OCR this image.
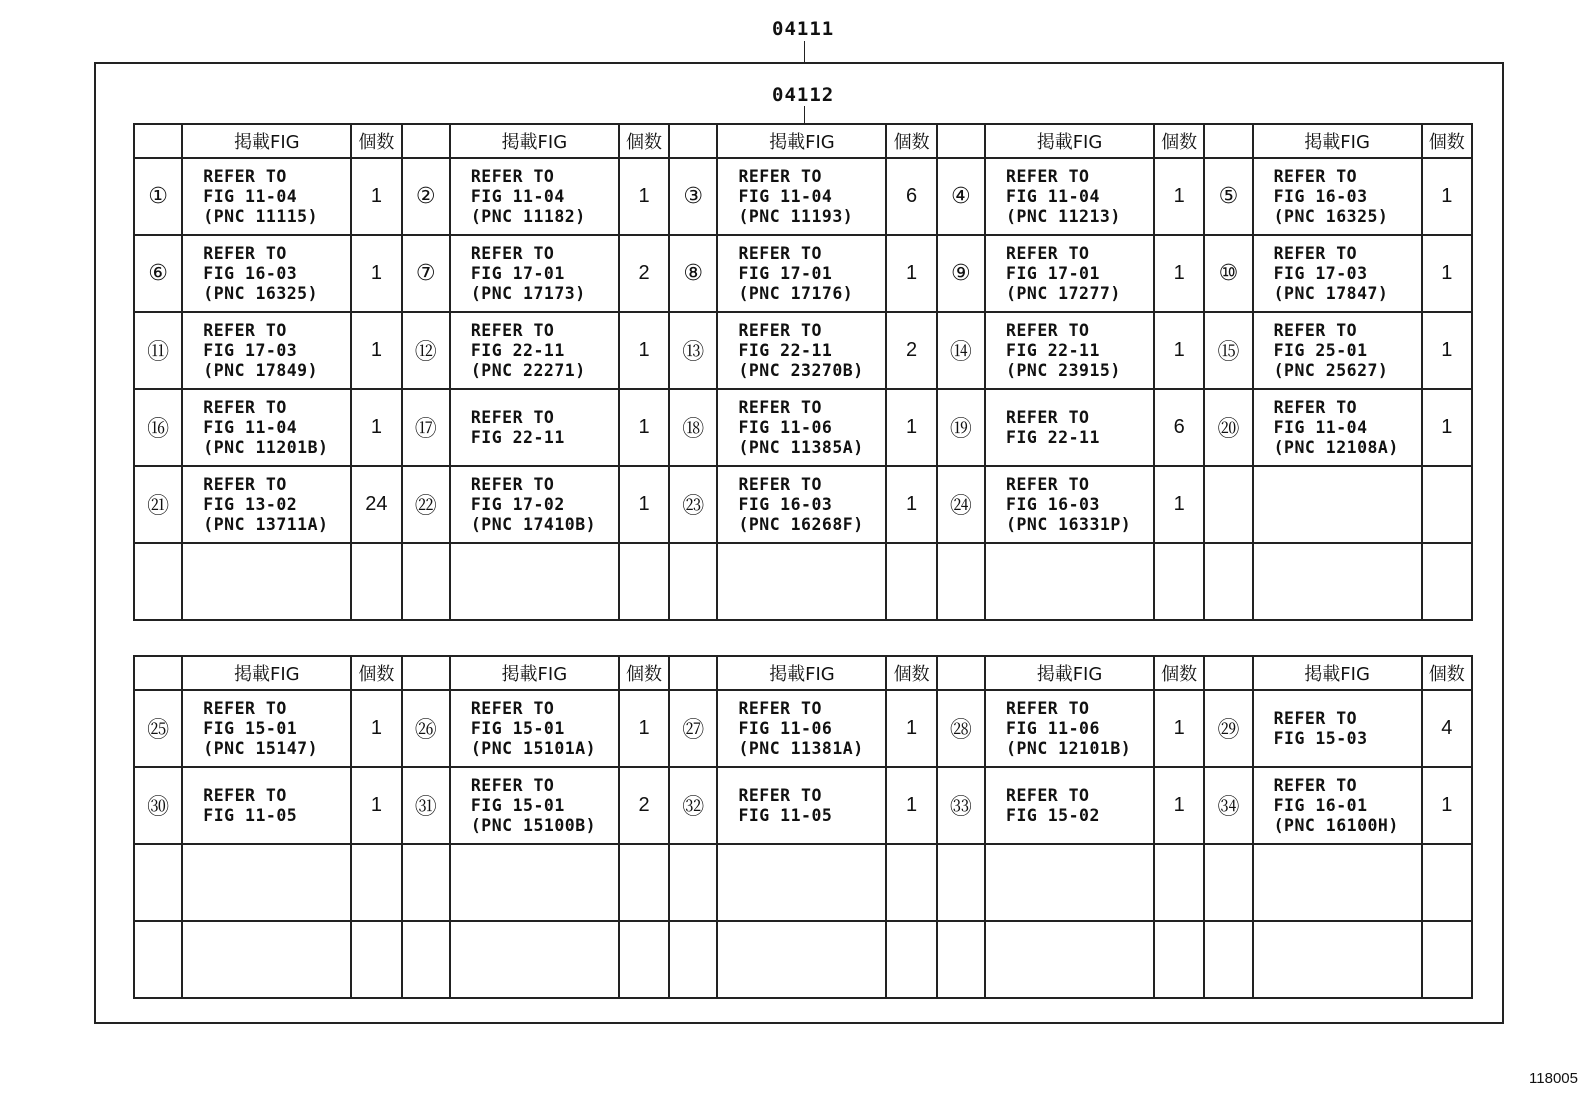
04111
04112
	掲載FIG	個数		掲載FIG	個数		掲載FIG	個数		掲載FIG	個数		掲載FIG	個数
①	REFER TO
FIG 11-04
(PNC 11115)	1	②	REFER TO
FIG 11-04
(PNC 11182)	1	③	REFER TO
FIG 11-04
(PNC 11193)	6	④	REFER TO
FIG 11-04
(PNC 11213)	1	⑤	REFER TO
FIG 16-03
(PNC 16325)	1
⑥	REFER TO
FIG 16-03
(PNC 16325)	1	⑦	REFER TO
FIG 17-01
(PNC 17173)	2	⑧	REFER TO
FIG 17-01
(PNC 17176)	1	⑨	REFER TO
FIG 17-01
(PNC 17277)	1	⑩	REFER TO
FIG 17-03
(PNC 17847)	1
⑪	REFER TO
FIG 17-03
(PNC 17849)	1	⑫	REFER TO
FIG 22-11
(PNC 22271)	1	⑬	REFER TO
FIG 22-11
(PNC 23270B)	2	⑭	REFER TO
FIG 22-11
(PNC 23915)	1	⑮	REFER TO
FIG 25-01
(PNC 25627)	1
⑯	REFER TO
FIG 11-04
(PNC 11201B)	1	⑰	REFER TO
FIG 22-11	1	⑱	REFER TO
FIG 11-06
(PNC 11385A)	1	⑲	REFER TO
FIG 22-11	6	⑳	REFER TO
FIG 11-04
(PNC 12108A)	1
㉑	REFER TO
FIG 13-02
(PNC 13711A)	24	㉒	REFER TO
FIG 17-02
(PNC 17410B)	1	㉓	REFER TO
FIG 16-03
(PNC 16268F)	1	㉔	REFER TO
FIG 16-03
(PNC 16331P)	1			

	掲載FIG	個数		掲載FIG	個数		掲載FIG	個数		掲載FIG	個数		掲載FIG	個数
㉕	REFER TO
FIG 15-01
(PNC 15147)	1	㉖	REFER TO
FIG 15-01
(PNC 15101A)	1	㉗	REFER TO
FIG 11-06
(PNC 11381A)	1	㉘	REFER TO
FIG 11-06
(PNC 12101B)	1	㉙	REFER TO
FIG 15-03	4
㉚	REFER TO
FIG 11-05	1	㉛	REFER TO
FIG 15-01
(PNC 15100B)	2	㉜	REFER TO
FIG 11-05	1	㉝	REFER TO
FIG 15-02	1	㉞	REFER TO
FIG 16-01
(PNC 16100H)	1

118005
